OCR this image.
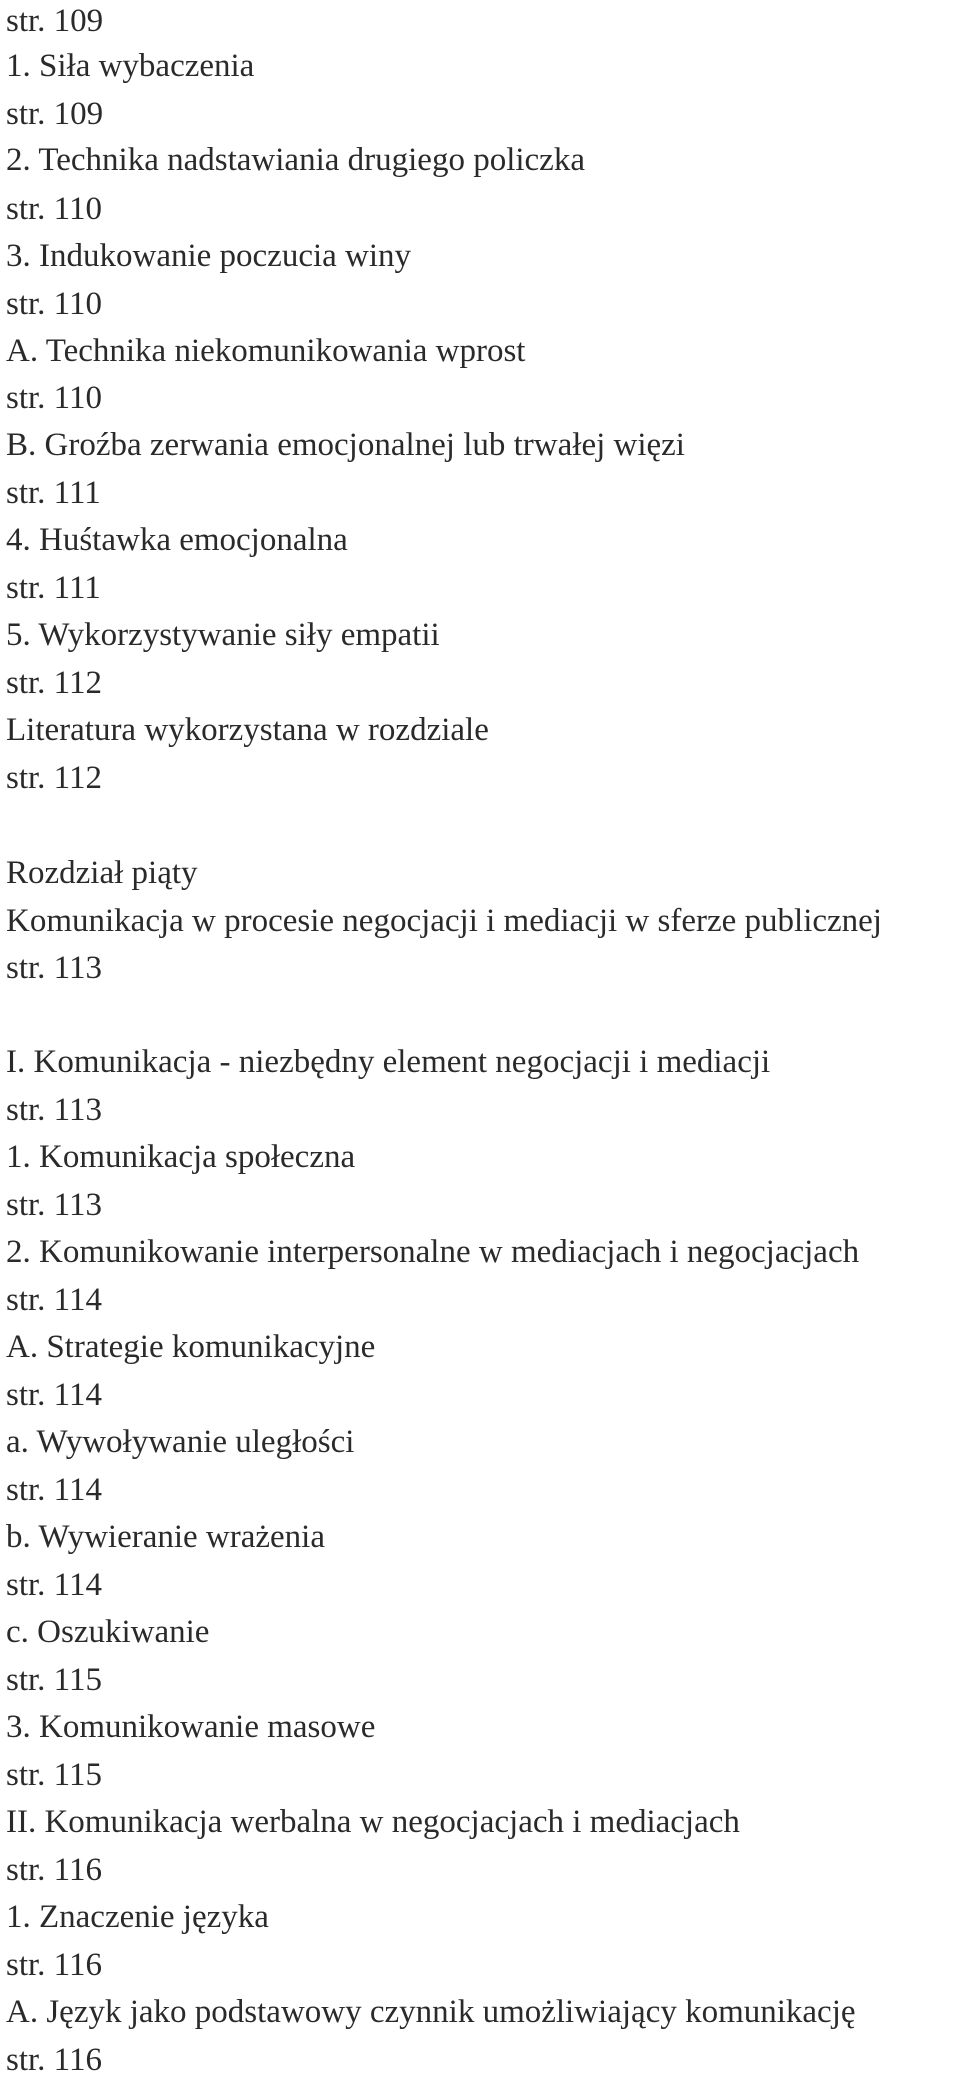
str. 109
1. Siła wybaczenia
str. 109
2. Technika nadstawiania drugiego policzka
str. 110
3. Indukowanie poczucia winy
str. 110
A. Technika niekomunikowania wprost
str. 110
B. Groźba zerwania emocjonalnej lub trwałej więzi
str. 111
4. Huśtawka emocjonalna
str. 111
5. Wykorzystywanie siły empatii
str. 112
Literatura wykorzystana w rozdziale
str. 112
Rozdział piąty
Komunikacja w procesie negocjacji i mediacji w sferze publicznej
str. 113
I. Komunikacja - niezbędny element negocjacji i mediacji
str. 113
1. Komunikacja społeczna
str. 113
2. Komunikowanie interpersonalne w mediacjach i negocjacjach
str. 114
A. Strategie komunikacyjne
str. 114
a. Wywoływanie uległości
str. 114
b. Wywieranie wrażenia
str. 114
c. Oszukiwanie
str. 115
3. Komunikowanie masowe
str. 115
II. Komunikacja werbalna w negocjacjach i mediacjach
str. 116
1. Znaczenie języka
str. 116
A. Język jako podstawowy czynnik umożliwiający komunikację
str. 116
